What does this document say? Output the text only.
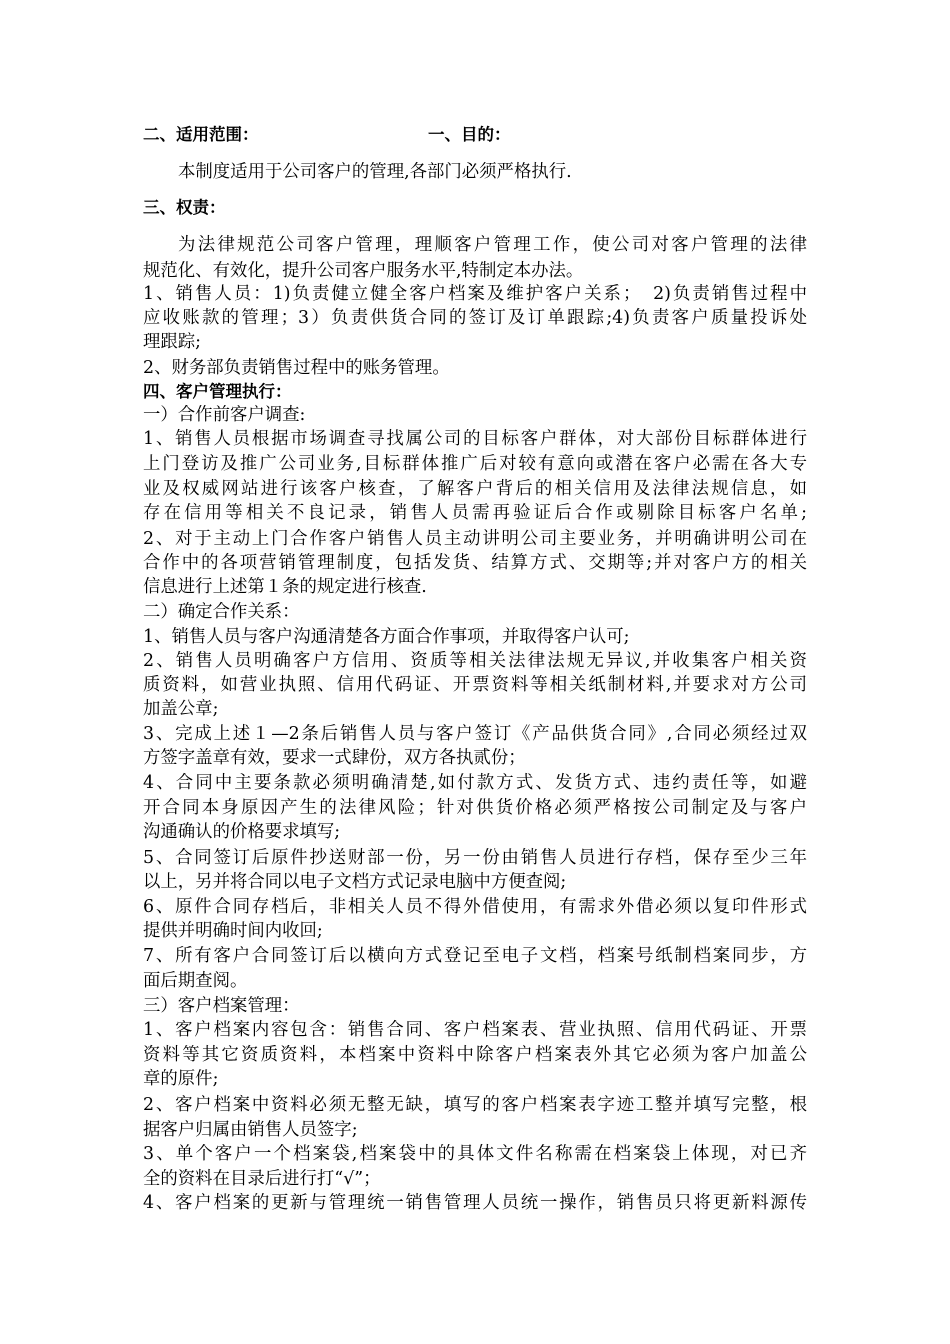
二、适用范围：	一、目的：
本制度适用于公司客户的管理,各部门必须严格执行.
三、权责：
为法律规范公司客户管理，理顺客户管理工作，使公司对客户管理的法律
规范化、有效化，提升公司客户服务水平,特制定本办法。
1、销售人员：1)负责健立健全客户档案及维护客户关系；　2)负责销售过程中
应收账款的管理；3）负责供货合同的签订及订单跟踪;4)负责客户质量投诉处
理跟踪;
2、财务部负责销售过程中的账务管理。
四、客户管理执行：
一）合作前客户调查:
1、销售人员根据市场调查寻找属公司的目标客户群体，对大部份目标群体进行
上门登访及推广公司业务,目标群体推广后对较有意向或潜在客户必需在各大专
业及权威网站进行该客户核查，了解客户背后的相关信用及法律法规信息，如
存在信用等相关不良记录，销售人员需再验证后合作或剔除目标客户名单;
2、对于主动上门合作客户销售人员主动讲明公司主要业务，并明确讲明公司在
合作中的各项营销管理制度，包括发货、结算方式、交期等;并对客户方的相关
信息进行上述第１条的规定进行核查.
二）确定合作关系：
1、销售人员与客户沟通清楚各方面合作事项，并取得客户认可;
2、销售人员明确客户方信用、资质等相关法律法规无异议,并收集客户相关资
质资料，如营业执照、信用代码证、开票资料等相关纸制材料,并要求对方公司
加盖公章;
3、完成上述１—2条后销售人员与客户签订《产品供货合同》,合同必须经过双
方签字盖章有效，要求一式肆份，双方各执贰份；
4、合同中主要条款必须明确清楚,如付款方式、发货方式、违约责任等，如避
开合同本身原因产生的法律风险；针对供货价格必须严格按公司制定及与客户
沟通确认的价格要求填写;
5、合同签订后原件抄送财部一份，另一份由销售人员进行存档，保存至少三年
以上，另并将合同以电子文档方式记录电脑中方便查阅;
6、原件合同存档后，非相关人员不得外借使用，有需求外借必须以复印件形式
提供并明确时间内收回;
7、所有客户合同签订后以横向方式登记至电子文档，档案号纸制档案同步，方
面后期查阅。
三）客户档案管理：
1、客户档案内容包含：销售合同、客户档案表、营业执照、信用代码证、开票
资料等其它资质资料，本档案中资料中除客户档案表外其它必须为客户加盖公
章的原件;
2、客户档案中资料必须无整无缺，填写的客户档案表字迹工整并填写完整，根
据客户归属由销售人员签字;
3、单个客户一个档案袋,档案袋中的具体文件名称需在档案袋上体现，对已齐
全的资料在目录后进行打“√”；
4、客户档案的更新与管理统一销售管理人员统一操作，销售员只将更新料源传
